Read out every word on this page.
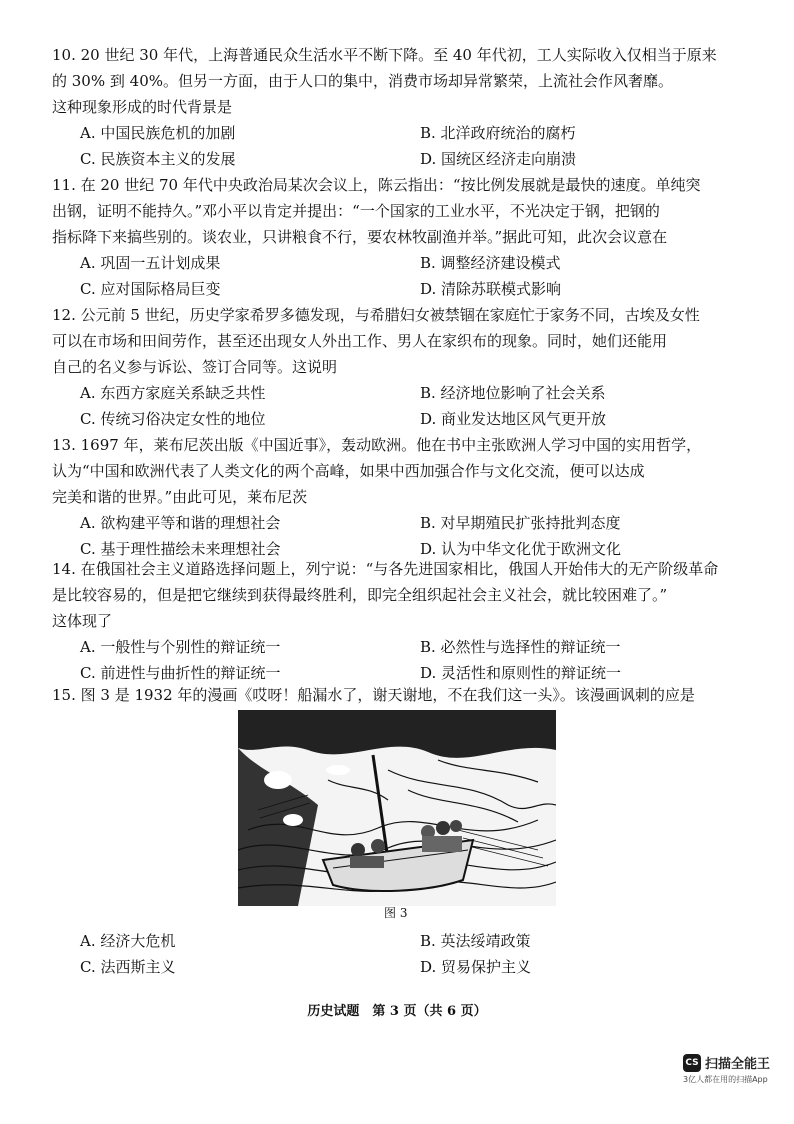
10. 20 世纪 30 年代，上海普通民众生活水平不断下降。至 40 年代初，工人实际收入仅相当于原来

的 30% 到 40%。但另一方面，由于人口的集中，消费市场却异常繁荣，上流社会作风奢靡。

这种现象形成的时代背景是

A. 中国民族危机的加剧	B. 北洋政府统治的腐朽
C. 民族资本主义的发展	D. 国统区经济走向崩溃

11. 在 20 世纪 70 年代中央政治局某次会议上，陈云指出：“按比例发展就是最快的速度。单纯突

出钢，证明不能持久。”邓小平以肯定并提出：“一个国家的工业水平，不光决定于钢，把钢的

指标降下来搞些别的。谈农业，只讲粮食不行，要农林牧副渔并举。”据此可知，此次会议意在

A. 巩固一五计划成果	B. 调整经济建设模式
C. 应对国际格局巨变	D. 清除苏联模式影响

12. 公元前 5 世纪，历史学家希罗多德发现，与希腊妇女被禁锢在家庭忙于家务不同，古埃及女性

可以在市场和田间劳作，甚至还出现女人外出工作、男人在家织布的现象。同时，她们还能用

自己的名义参与诉讼、签订合同等。这说明

A. 东西方家庭关系缺乏共性	B. 经济地位影响了社会关系
C. 传统习俗决定女性的地位	D. 商业发达地区风气更开放

13. 1697 年，莱布尼茨出版《中国近事》，轰动欧洲。他在书中主张欧洲人学习中国的实用哲学，

认为“中国和欧洲代表了人类文化的两个高峰，如果中西加强合作与文化交流，便可以达成

完美和谐的世界。”由此可见，莱布尼茨

A. 欲构建平等和谐的理想社会	B. 对早期殖民扩张持批判态度
C. 基于理性描绘未来理想社会	D. 认为中华文化优于欧洲文化

14. 在俄国社会主义道路选择问题上，列宁说：“与各先进国家相比，俄国人开始伟大的无产阶级革命

是比较容易的，但是把它继续到获得最终胜利，即完全组织起社会主义社会，就比较困难了。”

这体现了

A. 一般性与个别性的辩证统一	B. 必然性与选择性的辩证统一
C. 前进性与曲折性的辩证统一	D. 灵活性和原则性的辩证统一

15. 图 3 是 1932 年的漫画《哎呀！船漏水了，谢天谢地，不在我们这一头》。该漫画讽刺的应是

图 3
A. 经济大危机	B. 英法绥靖政策
C. 法西斯主义	D. 贸易保护主义
历史试题　第 3 页（共 6 页）
CS 扫描全能王
3亿人都在用的扫描App
